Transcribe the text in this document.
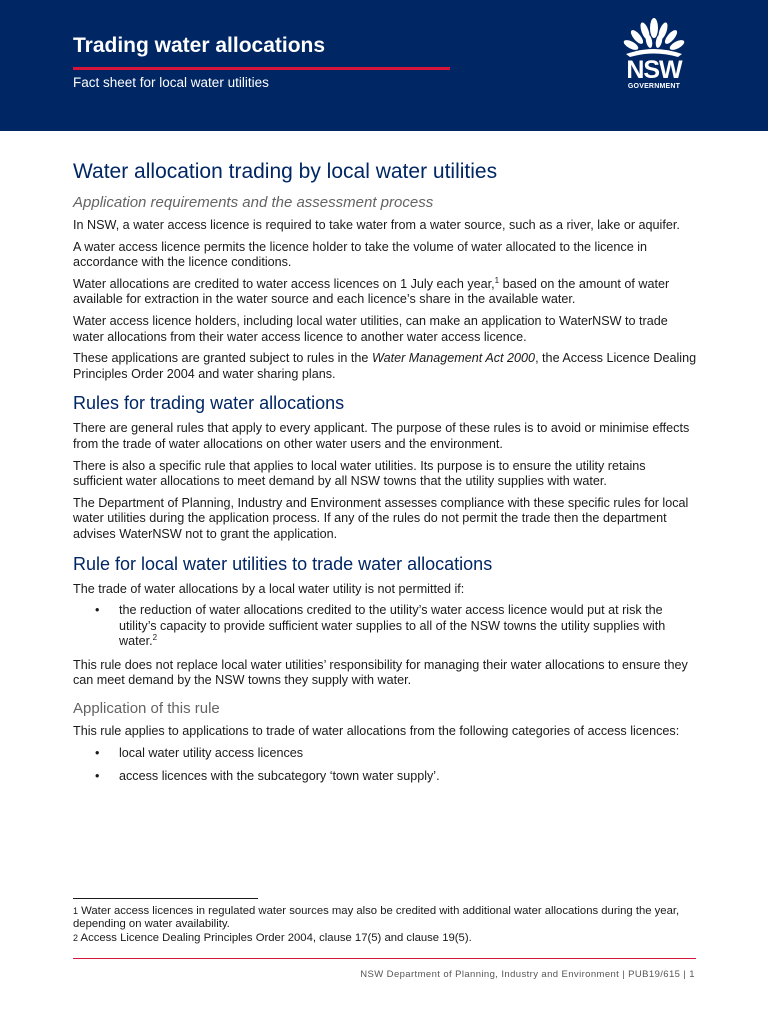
Trading water allocations
Fact sheet for local water utilities	NSW
GOVERNMENT
Water allocation trading by local water utilities
Application requirements and the assessment process

In NSW, a water access licence is required to take water from a water source, such as a river, lake or aquifer.

A water access licence permits the licence holder to take the volume of water allocated to the licence in accordance with the licence conditions.

Water allocations are credited to water access licences on 1 July each year,$^1$ based on the amount of water available for extraction in the water source and each licence’s share in the available water.

Water access licence holders, including local water utilities, can make an application to WaterNSW to trade water allocations from their water access licence to another water access licence.

These applications are granted subject to rules in the Water Management Act 2000, the Access Licence Dealing Principles Order 2004 and water sharing plans.

Rules for trading water allocations

There are general rules that apply to every applicant. The purpose of these rules is to avoid or minimise effects from the trade of water allocations on other water users and the environment.

There is also a specific rule that applies to local water utilities. Its purpose is to ensure the utility retains sufficient water allocations to meet demand by all NSW towns that the utility supplies with water.

The Department of Planning, Industry and Environment assesses compliance with these specific rules for local water utilities during the application process. If any of the rules do not permit the trade then the department advises WaterNSW not to grant the application.

Rule for local water utilities to trade water allocations

The trade of water allocations by a local water utility is not permitted if:

• the reduction of water allocations credited to the utility’s water access licence would put at risk the utility’s capacity to provide sufficient water supplies to all of the NSW towns the utility supplies with water.$^2$

This rule does not replace local water utilities’ responsibility for managing their water allocations to ensure they can meet demand by the NSW towns they supply with water.

Application of this rule

This rule applies to applications to trade of water allocations from the following categories of access licences:

• local water utility access licences
• access licences with the subcategory ‘town water supply’.

$^1$ Water access licences in regulated water sources may also be credited with additional water allocations during the year, depending on water availability.

$^2$ Access Licence Dealing Principles Order 2004, clause 17(5) and clause 19(5).

NSW Department of Planning, Industry and Environment | PUB19/615 | 1
